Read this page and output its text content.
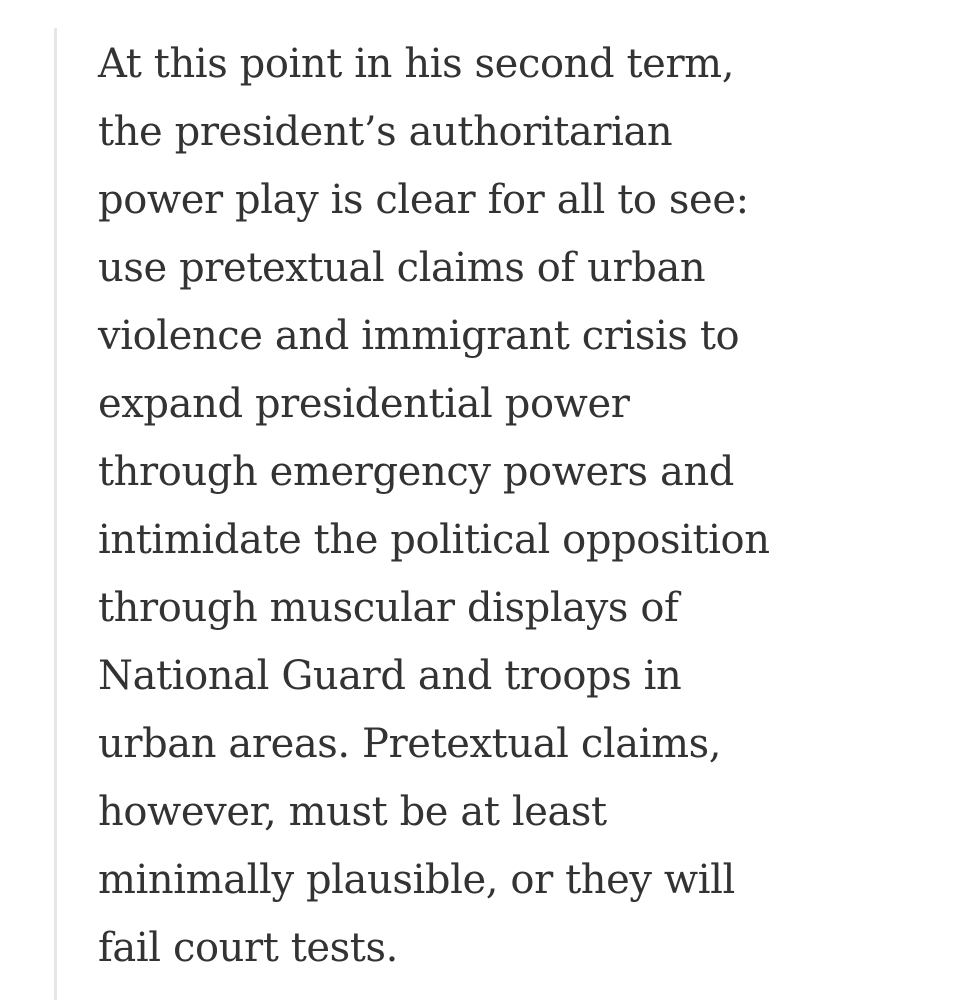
At this point in his second term,
the president’s authoritarian
power play is clear for all to see:
use pretextual claims of urban
violence and immigrant crisis to
expand presidential power
through emergency powers and
intimidate the political opposition
through muscular displays of
National Guard and troops in
urban areas. Pretextual claims,
however, must be at least
minimally plausible, or they will
fail court tests.
